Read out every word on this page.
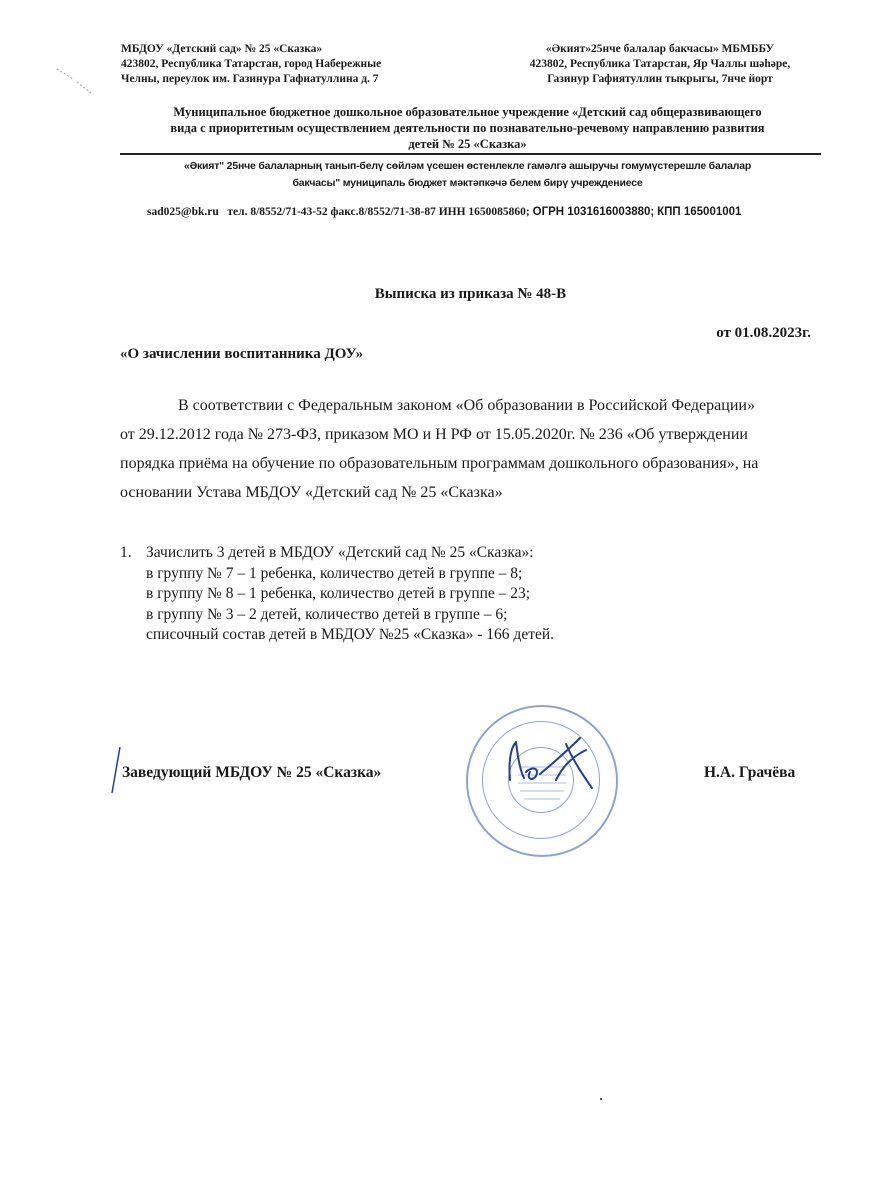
МБДОУ «Детский сад» № 25 «Сказка»
423802, Республика Татарстан, город Набережные
Челны, переулок им. Газинура Гафиатуллина д. 7
«Әкият»25нче балалар бакчасы» МБМББУ
423802, Республика Татарстан, Яр Чаллы шәһәре,
Газинур Гафиятуллин тыкрыгы, 7нче йорт
Муниципальное бюджетное дошкольное образовательное учреждение «Детский сад общеразвивающего
вида с приоритетным осуществлением деятельности по познавательно-речевому направлению развития
детей № 25 «Сказка»
«Әкият" 25нче балаларның танып-белү сөйләм үсешен өстенлекле гамәлгә ашыручы гомумүстерешле балалар
бакчасы" муниципаль бюджет мәктәпкәчә белем бирү учреждениесе
sad025@bk.ru тел. 8/8552/71-43-52 факс.8/8552/71-38-87 ИНН 1650085860; ОГРН 1031616003880; КПП 165001001
Выписка из приказа № 48-В
от 01.08.2023г.
«О зачислении воспитанника ДОУ»
В соответствии с Федеральным законом «Об образовании в Российской Федерации»
от 29.12.2012 года № 273-ФЗ, приказом МО и Н РФ от 15.05.2020г. № 236 «Об утверждении
порядка приёма на обучение по образовательным программам дошкольного образования», на
основании Устава МБДОУ «Детский сад № 25 «Сказка»
1. Зачислить 3 детей в МБДОУ «Детский сад № 25 «Сказка»:
в группу № 7 – 1 ребенка, количество детей в группе – 8;
в группу № 8 – 1 ребенка, количество детей в группе – 23;
в группу № 3 – 2 детей, количество детей в группе – 6;
списочный состав детей в МБДОУ №25 «Сказка» - 166 детей.
Заведующий МБДОУ № 25 «Сказка»	Н.А. Грачёва
